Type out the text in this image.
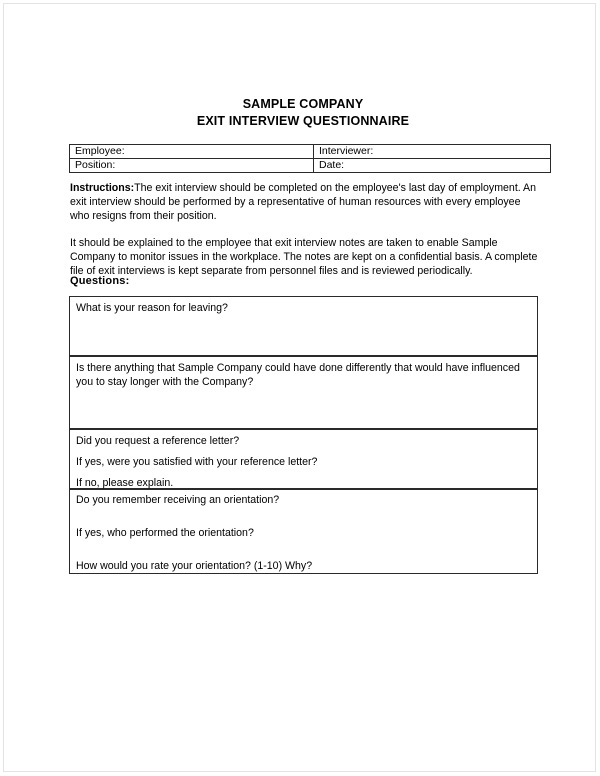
SAMPLE COMPANY
EXIT INTERVIEW QUESTIONNAIRE
Employee:	Interviewer:
Position:	Date:

Instructions:The exit interview should be completed on the employee's last day of employment. An exit interview should be performed by a representative of human resources with every employee who resigns from their position.

It should be explained to the employee that exit interview notes are taken to enable Sample Company to monitor issues in the workplace. The notes are kept on a confidential basis. A complete file of exit interviews is kept separate from personnel files and is reviewed periodically.

Questions:

What is your reason for leaving?

Is there anything that Sample Company could have done differently that would have influenced you to stay longer with the Company?

Did you request a reference letter?

If yes, were you satisfied with your reference letter?

If no, please explain.

Do you remember receiving an orientation?

If yes, who performed the orientation?

How would you rate your orientation? (1-10) Why?
